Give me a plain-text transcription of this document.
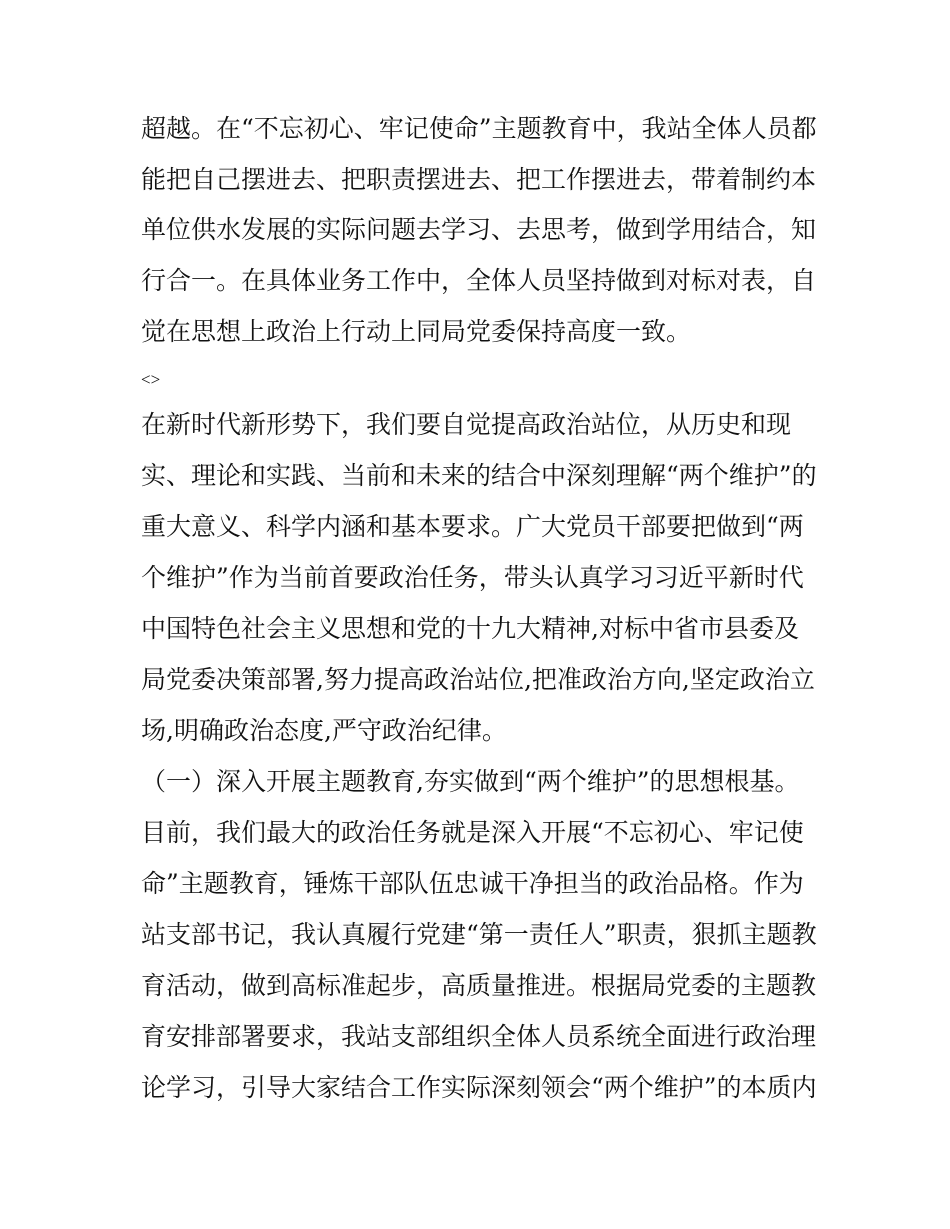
超越。在“不忘初心、牢记使命”主题教育中，我站全体人员都
能把自己摆进去、把职责摆进去、把工作摆进去，带着制约本
单位供水发展的实际问题去学习、去思考，做到学用结合，知
行合一。在具体业务工作中，全体人员坚持做到对标对表，自
觉在思想上政治上行动上同局党委保持高度一致。
<>
在新时代新形势下，我们要自觉提高政治站位，从历史和现
实、理论和实践、当前和未来的结合中深刻理解“两个维护”的
重大意义、科学内涵和基本要求。广大党员干部要把做到“两
个维护”作为当前首要政治任务，带头认真学习习近平新时代
中国特色社会主义思想和党的十九大精神,对标中省市县委及
局党委决策部署,努力提高政治站位,把准政治方向,坚定政治立
场,明确政治态度,严守政治纪律。
（一）深入开展主题教育,夯实做到“两个维护”的思想根基。
目前，我们最大的政治任务就是深入开展“不忘初心、牢记使
命”主题教育，锤炼干部队伍忠诚干净担当的政治品格。作为
站支部书记，我认真履行党建“第一责任人”职责，狠抓主题教
育活动，做到高标准起步，高质量推进。根据局党委的主题教
育安排部署要求，我站支部组织全体人员系统全面进行政治理
论学习，引导大家结合工作实际深刻领会“两个维护”的本质内
